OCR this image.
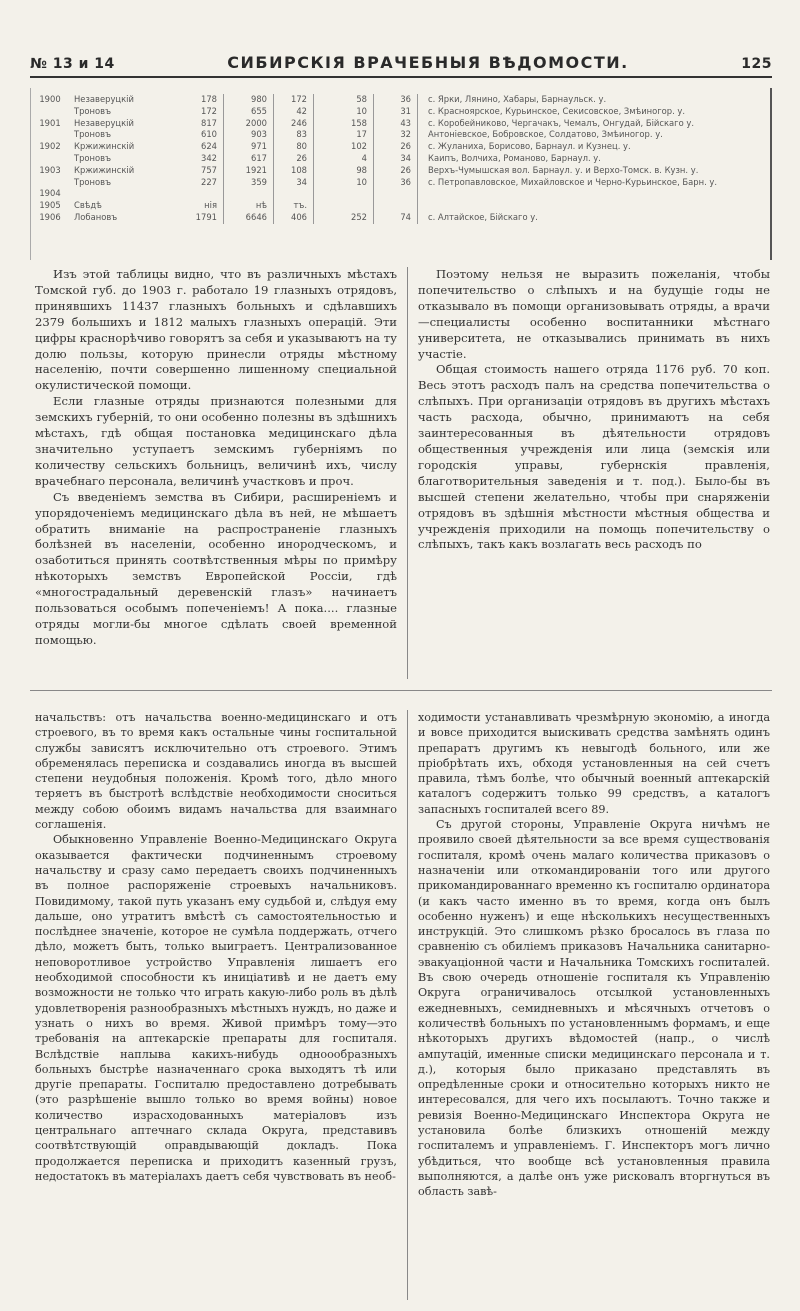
№ 13 и 14	СИБИРСКІЯ ВРАЧЕБНЫЯ ВѢДОМОСТИ.	125
1900	Незаверуцкій	178	980	172	58	36	с. Ярки, Лянино, Хабары, Барнаульск. у.
Троновъ	172	655	42	10	31	с. Красноярское, Курьинское, Секисовское, Змѣиногор. у.
1901	Незаверуцкій	817	2000	246	158	43	с. Коробейниково, Чергачакъ, Чемалъ, Онгудай, Бійскаго у.
Троновъ	610	903	83	17	32	Антоніевское, Бобровское, Солдатово, Змѣиногор. у.
1902	Кржижинскій	624	971	80	102	26	с. Жуланиха, Борисово, Барнаул. и Кузнец. у.
Троновъ	342	617	26	4	34	Каипъ, Волчиха, Романово, Барнаул. у.
1903	Кржижинскій	757	1921	108	98	26	Верхъ-Чумышская вол. Барнаул. у. и Верхо-Томск. в. Кузн. у.
Троновъ	227	359	34	10	36	с. Петропавловское, Михайловское и Черно-Курьинское, Барн. у.
1904
1905	Свѣдѣ	нія	нѣ	тъ.
1906	Лобановъ	1791	6646	406	252	74	с. Алтайское, Бійскаго у.

Изъ этой таблицы видно, что въ различныхъ мѣстахъ Томской губ. до 1903 г. работало 19 глазныхъ отрядовъ, принявшихъ 11437 глазныхъ больныхъ и сдѣлавшихъ 2379 большихъ и 1812 малыхъ глазныхъ операцій. Эти цифры краснорѣчиво говорятъ за себя и указываютъ на ту долю пользы, которую принесли отряды мѣстному населенію, почти совершенно лишенному специальной окулистической помощи.

Если глазные отряды признаются полезными для земскихъ губерній, то они особенно полезны въ здѣшнихъ мѣстахъ, гдѣ общая постановка медицинскаго дѣла значительно уступаетъ земскимъ губерніямъ по количеству сельскихъ больницъ, величинѣ ихъ, числу врачебнаго персонала, величинѣ участковъ и проч.

Съ введеніемъ земства въ Сибири, расширеніемъ и упорядоченіемъ медицинскаго дѣла въ ней, не мѣшаетъ обратить вниманіе на распространеніе глазныхъ болѣзней въ населеніи, особенно инородческомъ, и озаботиться принять соотвѣтственныя мѣры по примѣру нѣкоторыхъ земствъ Европейской Россіи, гдѣ «многострадальный деревенскій глазъ» начинаетъ пользоваться особымъ попеченіемъ! А пока.... глазные отряды могли-бы многое сдѣлать своей временной помощью.

Поэтому нельзя не выразить пожеланія, чтобы попечительство о слѣпыхъ и на будущіе годы не отказывало въ помощи организовывать отряды, а врачи—специалисты особенно воспитанники мѣстнаго университета, не отказывались принимать въ нихъ участіе.

Общая стоимость нашего отряда 1176 руб. 70 коп. Весь этотъ расходъ палъ на средства попечительства о слѣпыхъ. При организаціи отрядовъ въ другихъ мѣстахъ часть расхода, обычно, принимаютъ на себя заинтересованныя въ дѣятельности отрядовъ общественныя учрежденія или лица (земскія или городскія управы, губернскія правленія, благотворительныя заведенія и т. под.). Было-бы въ высшей степени желательно, чтобы при снаряженіи отрядовъ въ здѣшнія мѣстности мѣстныя общества и учрежденія приходили на помощь попечительству о слѣпыхъ, такъ какъ возлагать весь расходъ по

начальствъ: отъ начальства военно-медицинскаго и отъ строевого, въ то время какъ остальные чины госпитальной службы зависятъ исключительно отъ строевого. Этимъ обременялась переписка и создавались иногда въ высшей степени неудобныя положенія. Кромѣ того, дѣло много теряетъ въ быстротѣ вслѣдствіе необходимости сноситься между собою обоимъ видамъ начальства для взаимнаго соглашенія.

Обыкновенно Управленіе Военно-Медицинскаго Округа оказывается фактически подчиненнымъ строевому начальству и сразу само передаетъ своихъ подчиненныхъ въ полное распоряженіе строевыхъ начальниковъ. Повидимому, такой путь указанъ ему судьбой и, слѣдуя ему дальше, оно утратитъ вмѣстѣ съ самостоятельностью и послѣднее значеніе, которое не сумѣла поддержать, отчего дѣло, можетъ быть, только выиграетъ. Централизованное неповоротливое устройство Управленія лишаетъ его необходимой способности къ иниціативѣ и не даетъ ему возможности не только что играть какую-либо роль въ дѣлѣ удовлетворенія разнообразныхъ мѣстныхъ нуждъ, но даже и узнать о нихъ во время. Живой примѣръ тому—это требованія на аптекарскіе препараты для госпиталя. Вслѣдствіе наплыва какихъ-нибудь одноообразныхъ больныхъ быстрѣе назначеннаго срока выходятъ тѣ или другіе препараты. Госпиталю предоставлено дотребывать (это разрѣшеніе вышло только во время войны) новое количество израсходованныхъ матеріаловъ изъ центральнаго аптечнаго склада Округа, представивъ соотвѣтствующій оправдывающій докладъ. Пока продолжается переписка и приходитъ казенный грузъ, недостатокъ въ матеріалахъ даетъ себя чувствовать въ необ-

ходимости устанавливать чрезмѣрную экономію, а иногда и вовсе приходится выискивать средства замѣнять одинъ препаратъ другимъ къ невыгодѣ больного, или же пріобрѣтать ихъ, обходя установленныя на сей счетъ правила, тѣмъ болѣе, что обычный военный аптекарскій каталогъ содержитъ только 99 средствъ, а каталогъ запасныхъ госпиталей всего 89.

Съ другой стороны, Управленіе Округа ничѣмъ не проявило своей дѣятельности за все время существованія госпиталя, кромѣ очень малаго количества приказовъ о назначеніи или откомандированіи того или другого прикомандированнаго временно къ госпиталю ординатора (и какъ часто именно въ то время, когда онъ былъ особенно нуженъ) и еще нѣсколькихъ несущественныхъ инструкцій. Это слишкомъ рѣзко бросалось въ глаза по сравненію съ обиліемъ приказовъ Начальника санитарно-эвакуаціонной части и Начальника Томскихъ госпиталей. Въ свою очередь отношеніе госпиталя къ Управленію Округа ограничивалось отсылкой установленныхъ ежедневныхъ, семидневныхъ и мѣсячныхъ отчетовъ о количествѣ больныхъ по установленнымъ формамъ, и еще нѣкоторыхъ другихъ вѣдомостей (напр., о числѣ ампутацій, именные списки медицинскаго персонала и т. д.), которыя было приказано представлять въ опредѣленные сроки и относительно которыхъ никто не интересовался, для чего ихъ посылаютъ. Точно также и ревизія Военно-Медицинскаго Инспектора Округа не установила болѣе близкихъ отношеній между госпиталемъ и управленіемъ. Г. Инспекторъ могъ лично убѣдиться, что вообще всѣ установленныя правила выполняются, а далѣе онъ уже рисковалъ вторгнуться въ область завѣ-
